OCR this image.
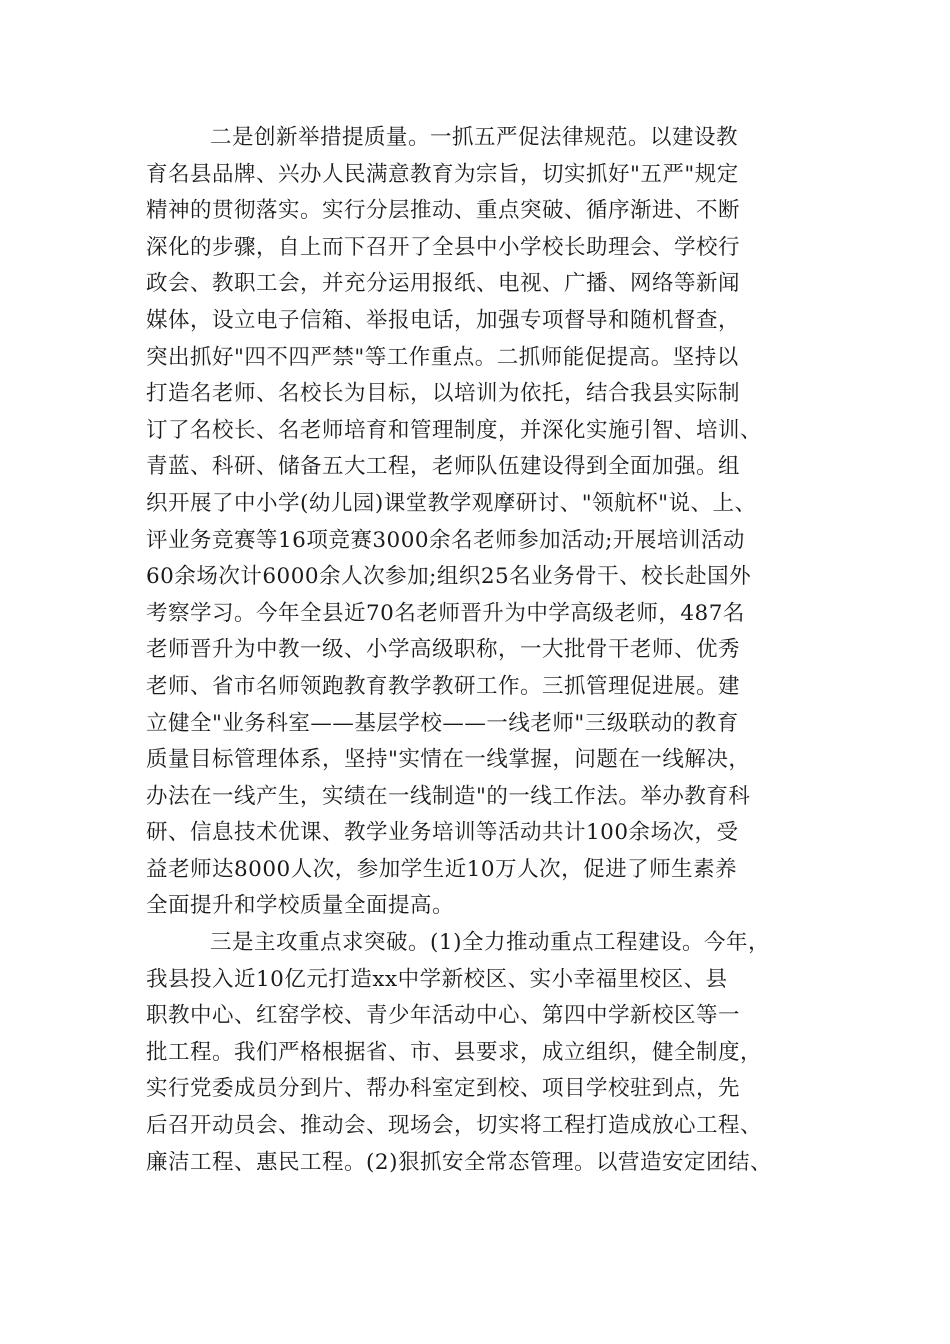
二是创新举措提质量。一抓五严促法律规范。以建设教
育名县品牌、兴办人民满意教育为宗旨，切实抓好"五严"规定
精神的贯彻落实。实行分层推动、重点突破、循序渐进、不断
深化的步骤，自上而下召开了全县中小学校长助理会、学校行
政会、教职工会，并充分运用报纸、电视、广播、网络等新闻
媒体，设立电子信箱、举报电话，加强专项督导和随机督查，
突出抓好"四不四严禁"等工作重点。二抓师能促提高。坚持以
打造名老师、名校长为目标，以培训为依托，结合我县实际制
订了名校长、名老师培育和管理制度，并深化实施引智、培训、
青蓝、科研、储备五大工程，老师队伍建设得到全面加强。组
织开展了中小学(幼儿园)课堂教学观摩研讨、"领航杯"说、上、
评业务竞赛等16项竞赛3000余名老师参加活动;开展培训活动
60余场次计6000余人次参加;组织25名业务骨干、校长赴国外
考察学习。今年全县近70名老师晋升为中学高级老师，487名
老师晋升为中教一级、小学高级职称，一大批骨干老师、优秀
老师、省市名师领跑教育教学教研工作。三抓管理促进展。建
立健全"业务科室——基层学校——一线老师"三级联动的教育
质量目标管理体系，坚持"实情在一线掌握，问题在一线解决，
办法在一线产生，实绩在一线制造"的一线工作法。举办教育科
研、信息技术优课、教学业务培训等活动共计100余场次，受
益老师达8000人次，参加学生近10万人次，促进了师生素养
全面提升和学校质量全面提高。
三是主攻重点求突破。(1)全力推动重点工程建设。今年，
我县投入近10亿元打造xx中学新校区、实小幸福里校区、县
职教中心、红窑学校、青少年活动中心、第四中学新校区等一
批工程。我们严格根据省、市、县要求，成立组织，健全制度，
实行党委成员分到片、帮办科室定到校、项目学校驻到点，先
后召开动员会、推动会、现场会，切实将工程打造成放心工程、
廉洁工程、惠民工程。(2)狠抓安全常态管理。以营造安定团结、
